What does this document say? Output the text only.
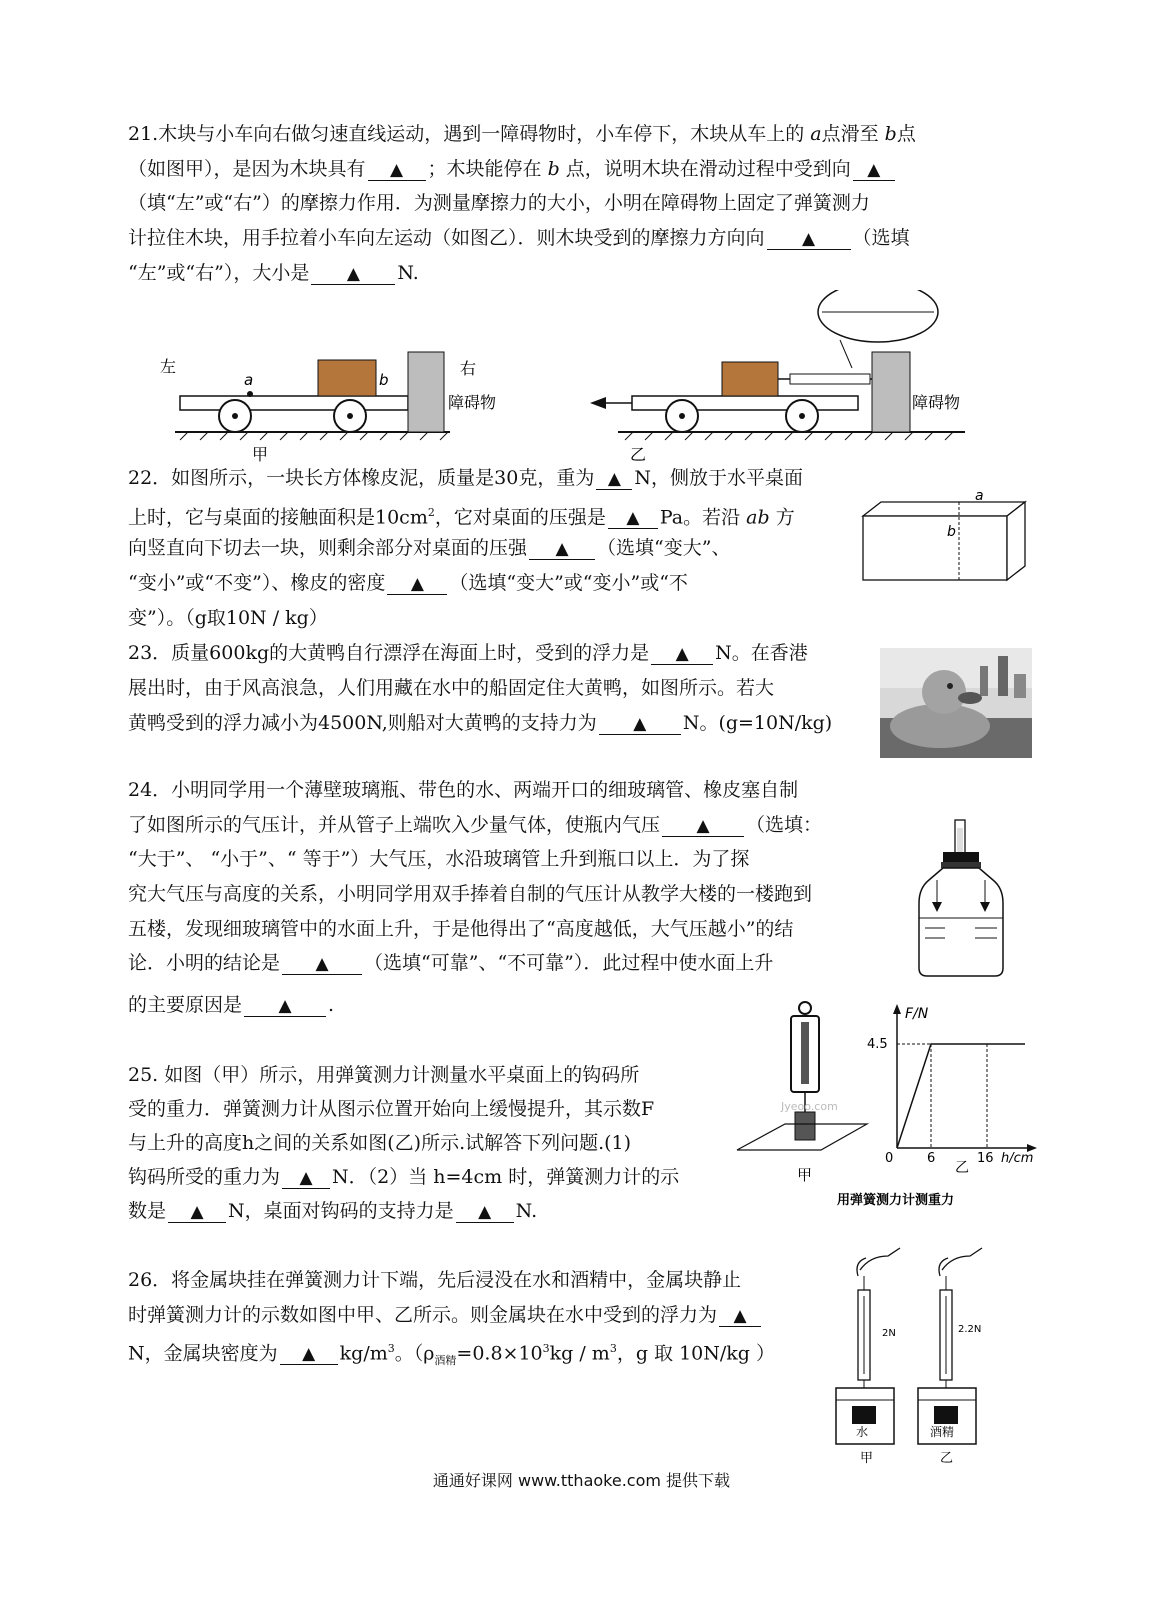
21.木块与小车向右做匀速直线运动，遇到一障碍物时，小车停下，木块从车上的 a点滑至 b点
（如图甲），是因为木块具有 ▲	；木块能停在 b 点，说明木块在滑动过程中受到向▲
（填“左”或“右”）的摩擦力作用．为测量摩擦力的大小，小明在障碍物上固定了弹簧测力
计拉住木块，用手拉着小车向左运动（如图乙）．则木块受到的摩擦力方向向 ▲	（选填
“左”或“右”），大小是 ▲	N.
左
a	b
右
障碍物
甲	乙
障碍物
22．如图所示，一块长方体橡皮泥，质量是30克，重为 ▲ N，侧放于水平桌面
上时，它与桌面的接触面积是$10cm^2$，它对桌面的压强是 ▲	Pa。若沿 ab 方
向竖直向下切去一块，则剩余部分对桌面的压强 ▲	（选填“变大”、
“变小”或“不变”）、橡皮的密度 ▲	（选填“变大”或“变小”或“不
变”）。（g取10N / kg）
a
b
23．质量600kg的大黄鸭自行漂浮在海面上时，受到的浮力是 ▲	N。在香港
展出时，由于风高浪急，人们用藏在水中的船固定住大黄鸭，如图所示。若大
黄鸭受到的浮力减小为4500N,则船对大黄鸭的支持力为 ▲	N。(g=10N/kg)
24．小明同学用一个薄壁玻璃瓶、带色的水、两端开口的细玻璃管、橡皮塞自制
了如图所示的气压计，并从管子上端吹入少量气体，使瓶内气压 ▲	（选填：
“大于”、 “小于”、“ 等于”）大气压，水沿玻璃管上升到瓶口以上．为了探
究大气压与高度的关系，小明同学用双手捧着自制的气压计从教学大楼的一楼跑到
五楼，发现细玻璃管中的水面上升，于是他得出了“高度越低，大气压越小”的结
论．小明的结论是 ▲	（选填“可靠”、“不可靠”）．此过程中使水面上升
的主要原因是 ▲	.
25. 如图（甲）所示，用弹簧测力计测量水平桌面上的钩码所
受的重力．弹簧测力计从图示位置开始向上缓慢提升，其示数F
与上升的高度h之间的关系如图(乙)所示.试解答下列问题.(1)
钩码所受的重力为 ▲	N．（2）当 h=4cm 时，弹簧测力计的示
数是 ▲	N，桌面对钩码的支持力是 ▲	N.
Jyeoo.com
甲
F/N
4.5
0	6	16 h/cm
乙
用弹簧测力计测重力
26．将金属块挂在弹簧测力计下端，先后浸没在水和酒精中，金属块静止
时弹簧测力计的示数如图中甲、乙所示。则金属块在水中受到的浮力为▲
N，金属块密度为 ▲	$kg/m^3$。（$\rho_{酒精}=0.8\times 10^3kg / m^3$，g 取 10N/kg ）
2N
水
甲
2.2N
酒精
乙
通通好课网 www.tthaoke.com 提供下载
